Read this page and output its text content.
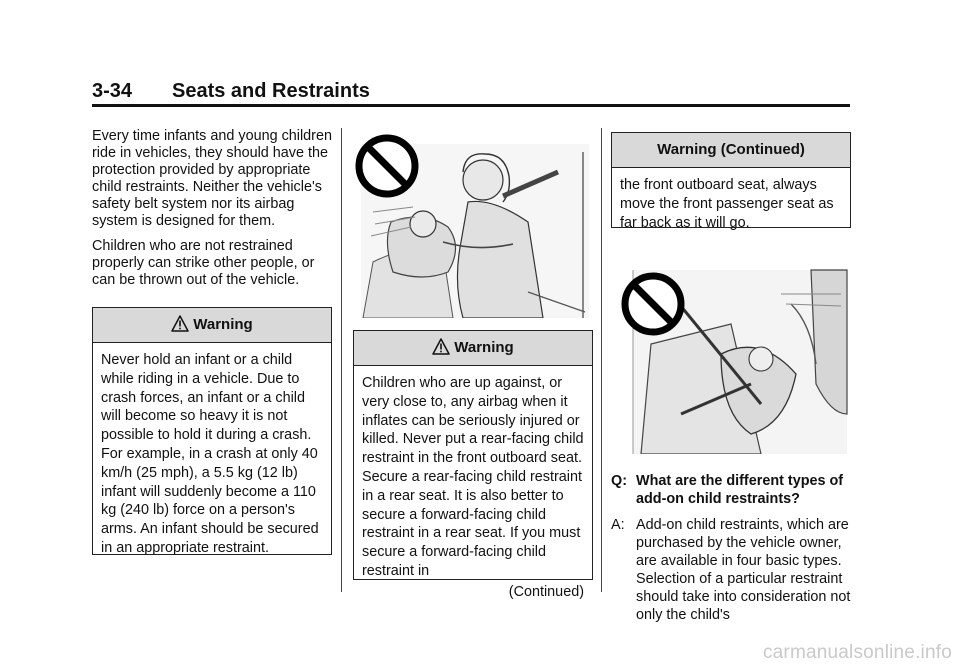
3-34 Seats and Restraints

Every time infants and young children ride in vehicles, they should have the protection provided by appropriate child restraints. Neither the vehicle's safety belt system nor its airbag system is designed for them.

Children who are not restrained properly can strike other people, or can be thrown out of the vehicle.

Warning
Never hold an infant or a child while riding in a vehicle. Due to crash forces, an infant or a child will become so heavy it is not possible to hold it during a crash. For example, in a crash at only 40 km/h (25 mph), a 5.5 kg (12 lb) infant will suddenly become a 110 kg (240 lb) force on a person's arms. An infant should be secured in an appropriate restraint.
Warning
Children who are up against, or very close to, any airbag when it inflates can be seriously injured or killed. Never put a rear-facing child restraint in the front outboard seat. Secure a rear-facing child restraint in a rear seat. It is also better to secure a forward-facing child restraint in a rear seat. If you must secure a forward-facing child restraint in
(Continued)
Warning (Continued)
the front outboard seat, always move the front passenger seat as far back as it will go.
Q: What are the different types of add-on child restraints?
A: Add-on child restraints, which are purchased by the vehicle owner, are available in four basic types. Selection of a particular restraint should take into consideration not only the child's
carmanualsonline.info
